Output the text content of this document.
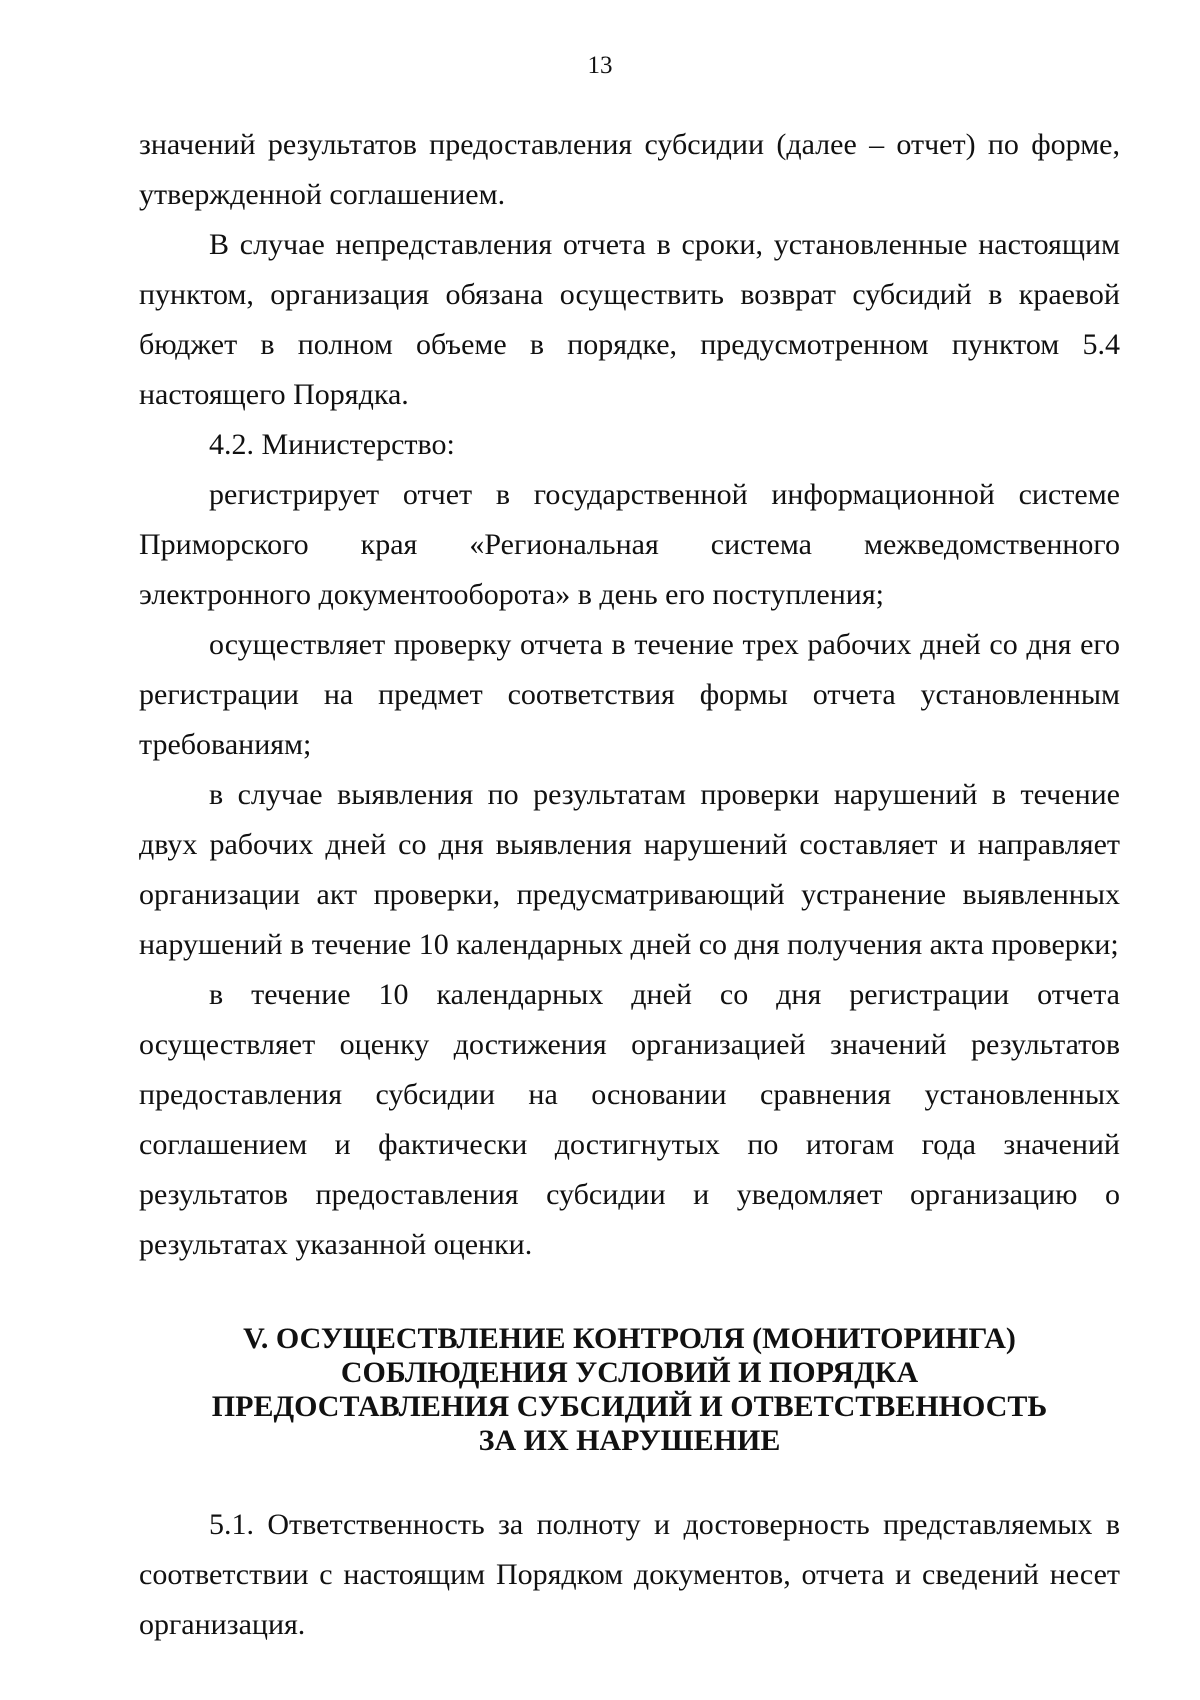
13

значений результатов предоставления субсидии (далее – отчет) по форме, утвержденной соглашением.

В случае непредставления отчета в сроки, установленные настоящим пунктом, организация обязана осуществить возврат субсидий в краевой бюджет в полном объеме в порядке, предусмотренном пунктом 5.4 настоящего Порядка.

4.2. Министерство:

регистрирует отчет в государственной информационной системе Приморского края «Региональная система межведомственного электронного документооборота» в день его поступления;

осуществляет проверку отчета в течение трех рабочих дней со дня его регистрации на предмет соответствия формы отчета установленным требованиям;

в случае выявления по результатам проверки нарушений в течение двух рабочих дней со дня выявления нарушений составляет и направляет организации акт проверки, предусматривающий устранение выявленных нарушений в течение 10 календарных дней со дня получения акта проверки;

в течение 10 календарных дней со дня регистрации отчета осуществляет оценку достижения организацией значений результатов предоставления субсидии на основании сравнения установленных соглашением и фактически достигнутых по итогам года значений результатов предоставления субсидии и уведомляет организацию о результатах указанной оценки.

V. ОСУЩЕСТВЛЕНИЕ КОНТРОЛЯ (МОНИТОРИНГА)
СОБЛЮДЕНИЯ УСЛОВИЙ И ПОРЯДКА
ПРЕДОСТАВЛЕНИЯ СУБСИДИЙ И ОТВЕТСТВЕННОСТЬ
ЗА ИХ НАРУШЕНИЕ

5.1. Ответственность за полноту и достоверность представляемых в соответствии с настоящим Порядком документов, отчета и сведений несет организация.
